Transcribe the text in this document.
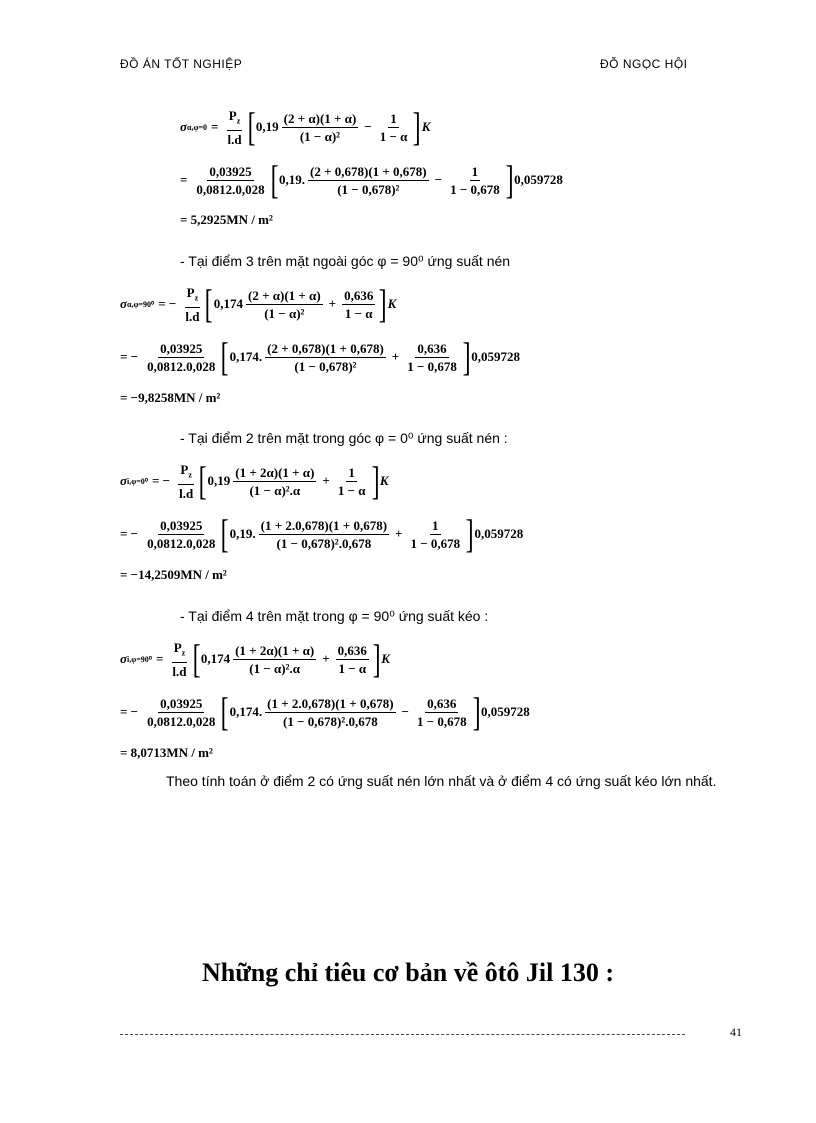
ĐỒ ÁN TỐT NGHIỆP	ĐỖ NGỌC HỘI
σ $\alpha,\varphi=0 = \frac{P_z}{l.d}$ [ $0,19 \frac{(2 + \alpha)(1 + \alpha)}{\text{(1 − α)²}} - \frac{1}{1 - \alpha}$ ] K
= $\frac{0,03925}{0,0812.0,028}$ [ 0,19. $\frac{(2 + 0,678)(1 + 0,678)}{\text{(1 − 0,678)²}} - \frac{1}{1 - 0,678}$ ] 0,059728
= 5,2925MN / m²
σ α,φ=90⁰ = − $\frac{P_z}{l.d}$ [ $0,174 \frac{(2 + \alpha)(1 + \alpha)}{\text{(1 − α)²}} + \frac{0,636}{1 - \alpha}$ ] K
= − $\frac{0,03925}{0,0812.0,028}$ [ 0,174. $\frac{(2 + 0,678)(1 + 0,678)}{\text{(1 − 0,678)²}} + \frac{0,636}{1 - 0,678}$ ] 0,059728
= −9,8258MN / m²
σ i,φ=0⁰ = − $\frac{P_z}{l.d}$ [ $0,19 \frac{(1 + 2\alpha)(1 + \alpha)}{\text{(1 − α)².α}} + \frac{1}{1 - \alpha}$ ] K
= − $\frac{0,03925}{0,0812.0,028}$ [ 0,19. $\frac{(1 + 2.0,678)(1 + 0,678)}{\text{(1 − 0,678)².0,678}} + \frac{1}{1 - 0,678}$ ] 0,059728
= −14,2509MN / m²
σ $i,\varphi=90^0 = \frac{P_z}{l.d}$ [ $0,174 \frac{(1 + 2\alpha)(1 + \alpha)}{\text{(1 − α)².α}} + \frac{0,636}{1 - \alpha}$ ] K
= − $\frac{0,03925}{0,0812.0,028}$ [ 0,174. $\frac{(1 + 2.0,678)(1 + 0,678)}{\text{(1 − 0,678)².0,678}} - \frac{0,636}{1 - 0,678}$ ] 0,059728
= 8,0713MN / m²
- Tại điểm 3 trên mặt ngoài góc φ = 90⁰ ứng suất nén
- Tại điểm 2 trên mặt trong góc φ = 0⁰ ứng suất nén :
- Tại điểm 4 trên mặt trong φ = 90⁰ ứng suất kéo :
Theo tính toán ở điểm 2 có ứng suất nén lớn nhất và ở điểm 4 có ứng suất kéo lớn nhất.
Những chỉ tiêu cơ bản về ôtô Jil 130 :
41
